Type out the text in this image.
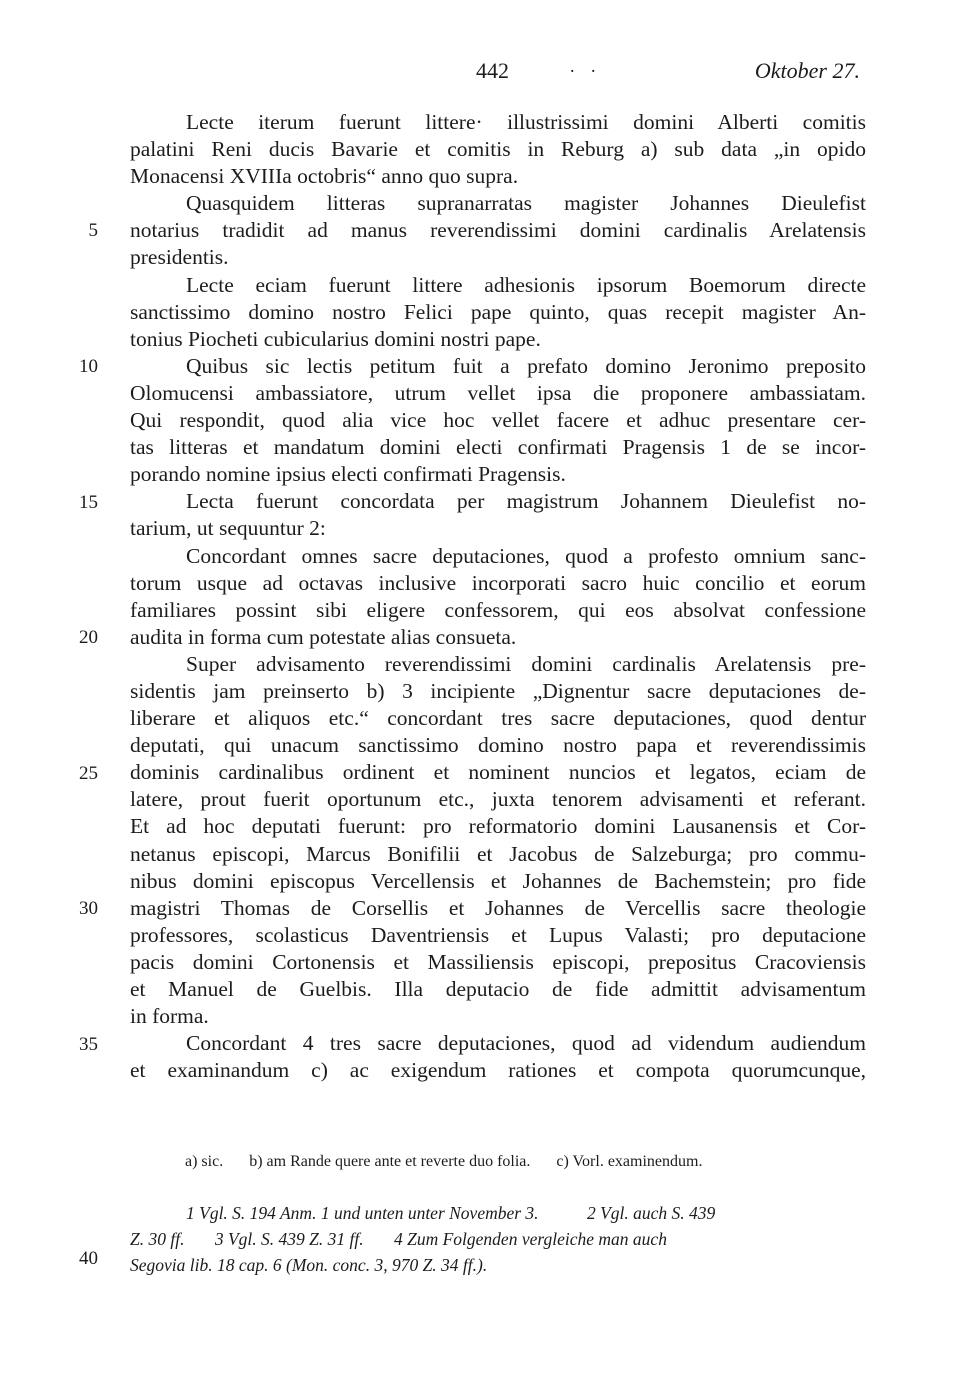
442	. .	Oktober 27.
5
10
15
20
25
30
35
Lecte iterum fuerunt littere· illustrissimi domini Alberti comitis
palatini Reni ducis Bavarie et comitis in Reburg a) sub data „in opido
Monacensi XVIIIa octobris“ anno quo supra.
Quasquidem litteras supranarratas magister Johannes Dieulefist
notarius tradidit ad manus reverendissimi domini cardinalis Arelatensis
presidentis.
Lecte eciam fuerunt littere adhesionis ipsorum Boemorum directe
sanctissimo domino nostro Felici pape quinto, quas recepit magister An-
tonius Piocheti cubicularius domini nostri pape.
Quibus sic lectis petitum fuit a prefato domino Jeronimo preposito
Olomucensi ambassiatore, utrum vellet ipsa die proponere ambassiatam.
Qui respondit, quod alia vice hoc vellet facere et adhuc presentare cer-
tas litteras et mandatum domini electi confirmati Pragensis 1 de se incor-
porando nomine ipsius electi confirmati Pragensis.
Lecta fuerunt concordata per magistrum Johannem Dieulefist no-
tarium, ut sequuntur 2:
Concordant omnes sacre deputaciones, quod a profesto omnium sanc-
torum usque ad octavas inclusive incorporati sacro huic concilio et eorum
familiares possint sibi eligere confessorem, qui eos absolvat confessione
audita in forma cum potestate alias consueta.
Super advisamento reverendissimi domini cardinalis Arelatensis pre-
sidentis jam preinserto b) 3 incipiente „Dignentur sacre deputaciones de-
liberare et aliquos etc.“ concordant tres sacre deputaciones, quod dentur
deputati, qui unacum sanctissimo domino nostro papa et reverendissimis
dominis cardinalibus ordinent et nominent nuncios et legatos, eciam de
latere, prout fuerit oportunum etc., juxta tenorem advisamenti et referant.
Et ad hoc deputati fuerunt: pro reformatorio domini Lausanensis et Cor-
netanus episcopi, Marcus Bonifilii et Jacobus de Salzeburga; pro commu-
nibus domini episcopus Vercellensis et Johannes de Bachemstein; pro fide
magistri Thomas de Corsellis et Johannes de Vercellis sacre theologie
professores, scolasticus Daventriensis et Lupus Valasti; pro deputacione
pacis domini Cortonensis et Massiliensis episcopi, prepositus Cracoviensis
et Manuel de Guelbis. Illa deputacio de fide admittit advisamentum
in forma.
Concordant 4 tres sacre deputaciones, quod ad videndum audiendum
et examinandum c) ac exigendum rationes et compota quorumcunque,
a) sic. b) am Rande quere ante et reverte duo folia. c) Vorl. examinendum.
1 Vgl. S. 194 Anm. 1 und unten unter November 3.	2 Vgl. auch S. 439
Z. 30 ff. 3 Vgl. S. 439 Z. 31 ff. 4 Zum Folgenden vergleiche man auch
Segovia lib. 18 cap. 6 (Mon. conc. 3, 970 Z. 34 ff.).
40
